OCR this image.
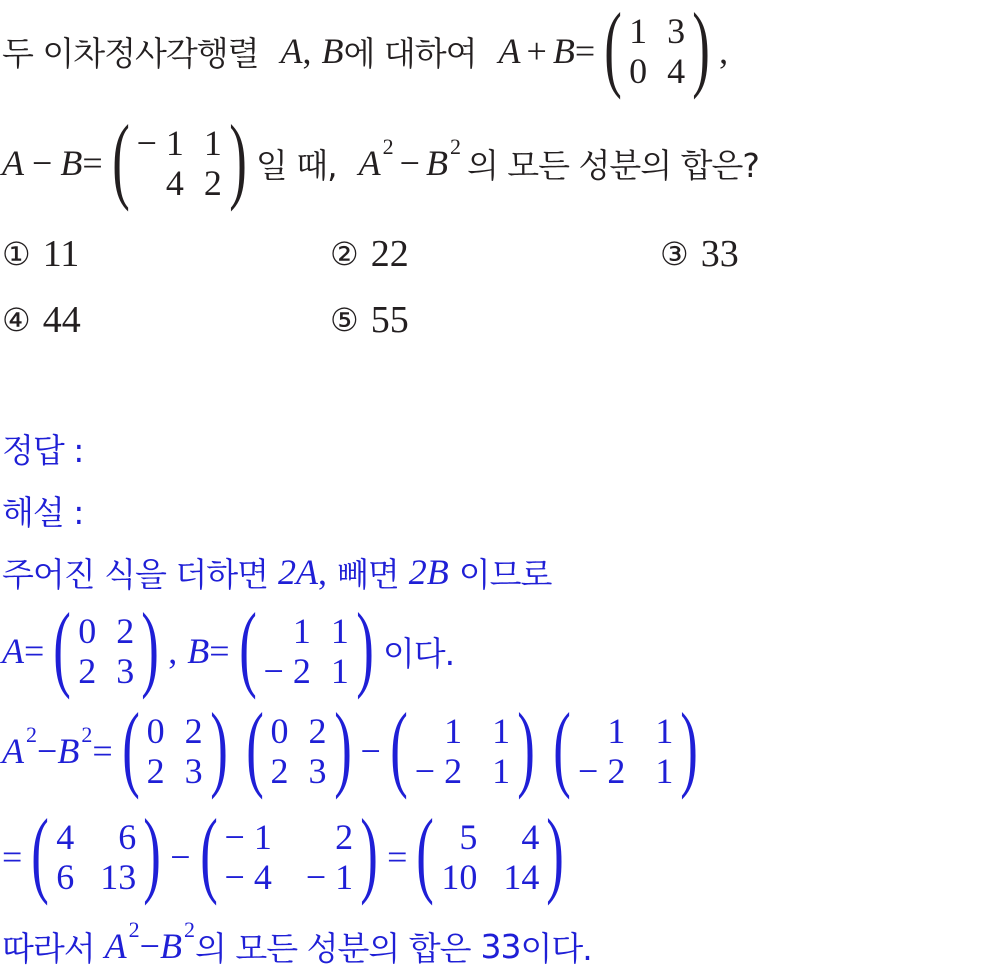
두 이차정사각행렬 A , B 에 대하여 A + B = ( 1 3
0 4 ) ,
A − B = ( − 1 1
4 2 ) 일 때, A 2 − B 2 의 모든 성분의 합은?
① 11	② 22	③ 33
④ 44	⑤ 55
정답 :
해설 :
주어진 식을 더하면 2A , 빼면 2B 이므로
A = ( 0 2
2 3 ) , B = ( 1 1
− 2 1 ) 이다.
A 2 − B 2 = ( 0 2
2 3 ) ( 0 2
2 3 ) − ( 1 1
− 2 1 ) ( 1 1
− 2 1 )
= ( 4 6
6 13 ) − ( − 1 2
− 4 − 1 ) = ( 5 4
10 14 )
따라서 A 2 − B 2 의 모든 성분의 합은 33 이다.
